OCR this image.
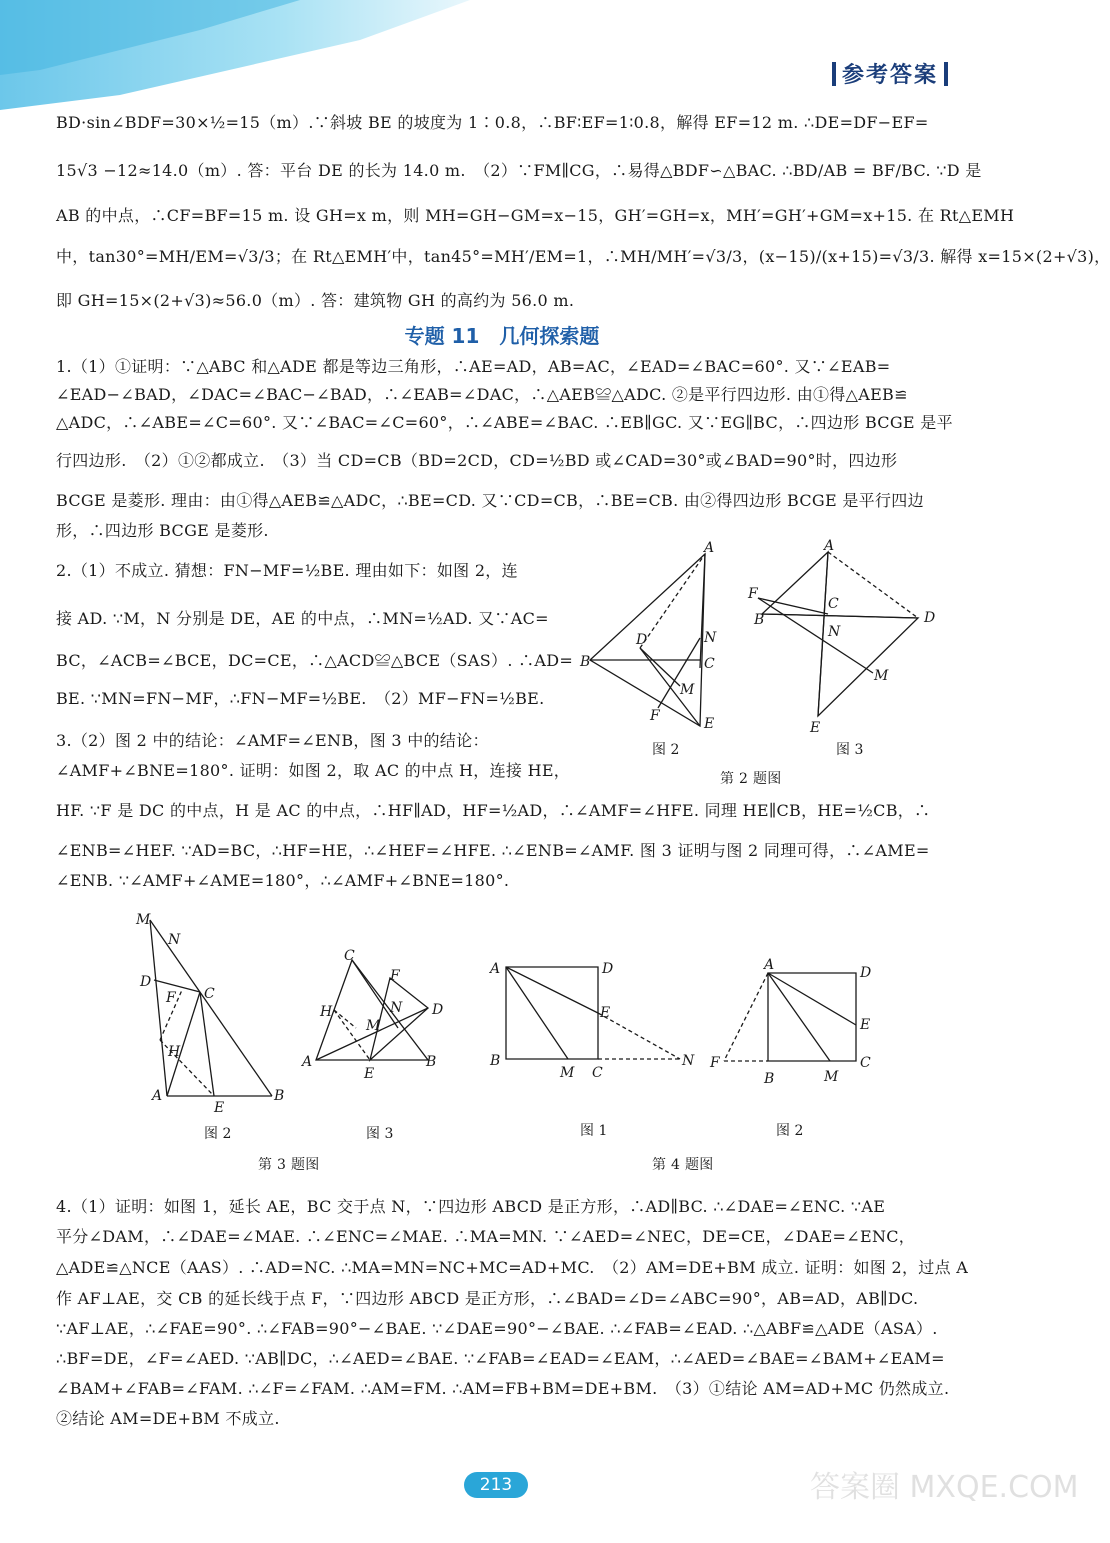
参考答案
BD·sin∠BDF=30×½=15（m）.∵斜坡 BE 的坡度为 1∶0.8，∴BF∶EF=1∶0.8，解得 EF=12 m. ∴DE=DF−EF=
15√3 −12≈14.0（m）. 答：平台 DE 的长为 14.0 m.　（2）∵FM∥CG，∴易得△BDF∽△BAC. ∴BD/AB = BF/BC. ∵D 是
AB 的中点，∴CF=BF=15 m. 设 GH=x m，则 MH=GH−GM=x−15，GH′=GH=x，MH′=GH′+GM=x+15. 在 Rt△EMH
中，tan30°=MH/EM=√3/3；在 Rt△EMH′中，tan45°=MH′/EM=1，∴MH/MH′=√3/3，(x−15)/(x+15)=√3/3. 解得 x=15×(2+√3)，
即 GH=15×(2+√3)≈56.0（m）. 答：建筑物 GH 的高约为 56.0 m.
专题 11　几何探索题
1.（1）①证明：∵△ABC 和△ADE 都是等边三角形，∴AE=AD，AB=AC，∠EAD=∠BAC=60°. 又∵∠EAB=
∠EAD−∠BAD，∠DAC=∠BAC−∠BAD，∴∠EAB=∠DAC，∴△AEB≌△ADC. ②是平行四边形. 由①得△AEB≌
△ADC，∴∠ABE=∠C=60°. 又∵∠BAC=∠C=60°，∴∠ABE=∠BAC. ∴EB∥GC. 又∵EG∥BC，∴四边形 BCGE 是平
行四边形.　（2）①②都成立.　（3）当 CD=CB（BD=2CD，CD=½BD 或∠CAD=30°或∠BAD=90°时，四边形
BCGE 是菱形. 理由：由①得△AEB≌△ADC，∴BE=CD. 又∵CD=CB，∴BE=CB. 由②得四边形 BCGE 是平行四边
形，∴四边形 BCGE 是菱形.
2.（1）不成立. 猜想：FN−MF=½BE. 理由如下：如图 2，连
接 AD. ∵M，N 分别是 DE，AE 的中点，∴MN=½AD. 又∵AC=
BC，∠ACB=∠BCE，DC=CE，∴△ACD≌△BCE（SAS）. ∴AD=
BE. ∵MN=FN−MF，∴FN−MF=½BE.　（2）MF−FN=½BE.
3.（2）图 2 中的结论：∠AMF=∠ENB，图 3 中的结论：
∠AMF+∠BNE=180°. 证明：如图 2，取 AC 的中点 H，连接 HE，
HF. ∵F 是 DC 的中点，H 是 AC 的中点，∴HF∥AD，HF=½AD，∴∠AMF=∠HFE. 同理 HE∥CB，HE=½CB，∴
∠ENB=∠HEF. ∵AD=BC，∴HF=HE，∴∠HEF=∠HFE. ∴∠ENB=∠AMF. 图 3 证明与图 2 同理可得，∴∠AME=
∠ENB. ∵∠AMF+∠AME=180°，∴∠AMF+∠BNE=180°.
4.（1）证明：如图 1，延长 AE，BC 交于点 N，∵四边形 ABCD 是正方形，∴AD∥BC. ∴∠DAE=∠ENC. ∵AE
平分∠DAM，∴∠DAE=∠MAE. ∴∠ENC=∠MAE. ∴MA=MN. ∵∠AED=∠NEC，DE=CE，∠DAE=∠ENC，
△ADE≌△NCE（AAS）. ∴AD=NC. ∴MA=MN=NC+MC=AD+MC.　（2）AM=DE+BM 成立. 证明：如图 2，过点 A
作 AF⊥AE，交 CB 的延长线于点 F，∵四边形 ABCD 是正方形，∴∠BAD=∠D=∠ABC=90°，AB=AD，AB∥DC.
∵AF⊥AE，∴∠FAE=90°. ∴∠FAB=90°−∠BAE. ∵∠DAE=90°−∠BAE. ∴∠FAB=∠EAD. ∴△ABF≌△ADE（ASA）.
∴BF=DE，∠F=∠AED. ∵AB∥DC，∴∠AED=∠BAE. ∵∠FAB=∠EAD=∠EAM，∴∠AED=∠BAE=∠BAM+∠EAM=
∠BAM+∠FAB=∠FAM. ∴∠F=∠FAM. ∴AM=FM. ∴AM=FB+BM=DE+BM.　（3）①结论 AM=AD+MC 仍然成立.
②结论 AM=DE+BM 不成立.
A
B	C
D	N
M
F	E
图 2
A
F
B
C
N
D
M
E
图 3
第 2 题图
M
N
D
F C
H
A
E
B
图 2
C
F
H	N D
M
A
E
B
图 3
第 3 题图
A	D
E
B
M C
N
图 1
A	D
E
F
B	M
C
图 2
第 4 题图
213	答案圈 MXQE.COM
